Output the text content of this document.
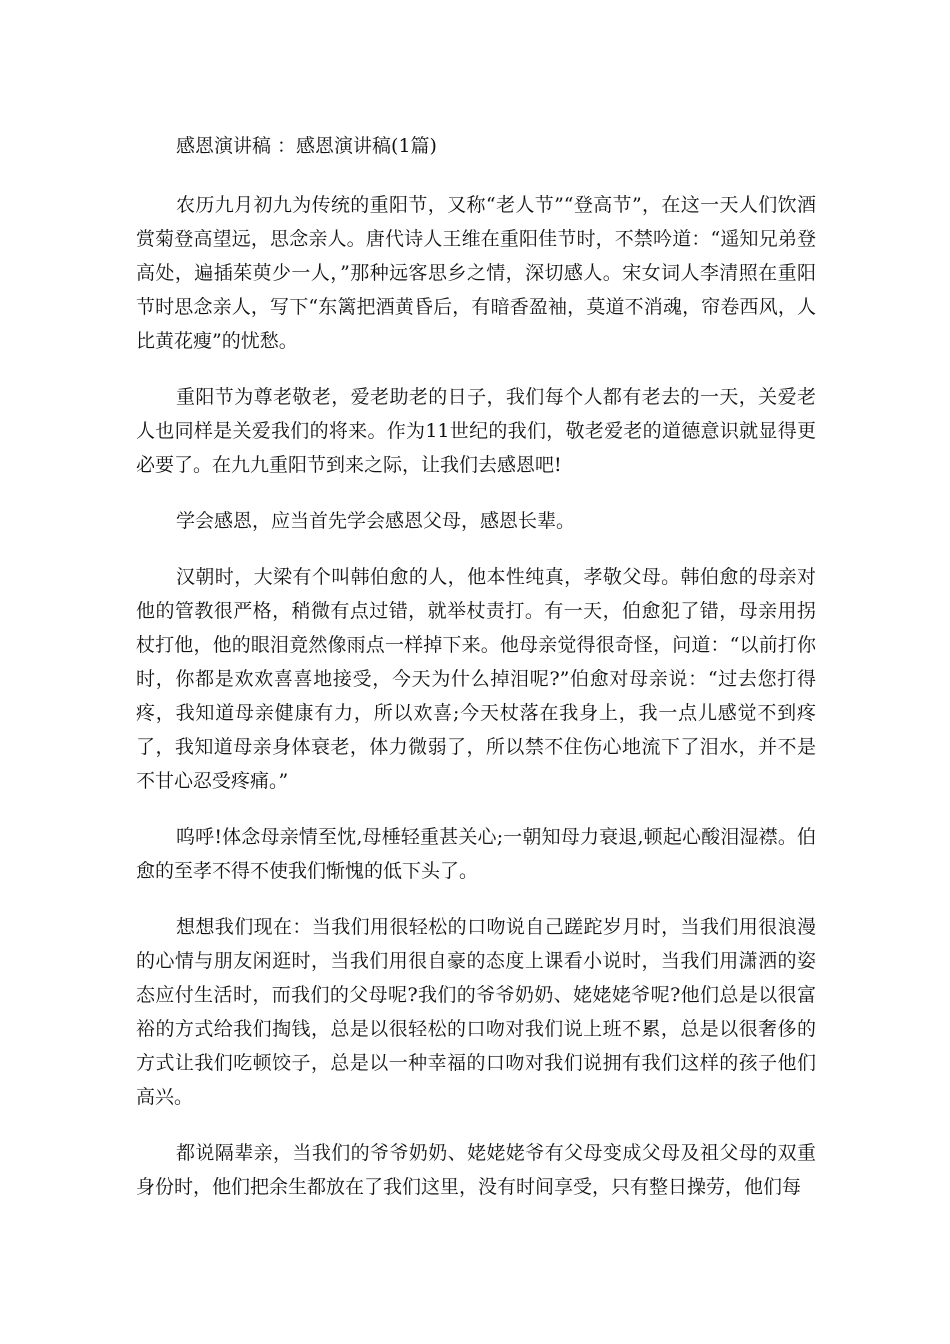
感恩演讲稿 ：感恩演讲稿(1篇)

农历九月初九为传统的重阳节，又称“老人节”“登高节”，在这一天人们饮酒赏菊登高望远，思念亲人。唐代诗人王维在重阳佳节时，不禁吟道：“遥知兄弟登高处，遍插茱萸少一人，”那种远客思乡之情，深切感人。宋女词人李清照在重阳节时思念亲人，写下“东篱把酒黄昏后，有暗香盈袖，莫道不消魂，帘卷西风，人比黄花瘦”的忧愁。

重阳节为尊老敬老，爱老助老的日子，我们每个人都有老去的一天，关爱老人也同样是关爱我们的将来。作为11世纪的我们，敬老爱老的道德意识就显得更必要了。在九九重阳节到来之际，让我们去感恩吧!

学会感恩，应当首先学会感恩父母，感恩长辈。

汉朝时，大梁有个叫韩伯愈的人，他本性纯真，孝敬父母。韩伯愈的母亲对他的管教很严格，稍微有点过错，就举杖责打。有一天，伯愈犯了错，母亲用拐杖打他，他的眼泪竟然像雨点一样掉下来。他母亲觉得很奇怪，问道：“以前打你时，你都是欢欢喜喜地接受，今天为什么掉泪呢?”伯愈对母亲说：“过去您打得疼，我知道母亲健康有力，所以欢喜;今天杖落在我身上，我一点儿感觉不到疼了，我知道母亲身体衰老，体力微弱了，所以禁不住伤心地流下了泪水，并不是不甘心忍受疼痛。”

呜呼!体念母亲情至忱,母棰轻重甚关心;一朝知母力衰退,顿起心酸泪湿襟。伯愈的至孝不得不使我们惭愧的低下头了。

想想我们现在：当我们用很轻松的口吻说自己蹉跎岁月时，当我们用很浪漫的心情与朋友闲逛时，当我们用很自豪的态度上课看小说时，当我们用潇洒的姿态应付生活时，而我们的父母呢?我们的爷爷奶奶、姥姥姥爷呢?他们总是以很富裕的方式给我们掏钱，总是以很轻松的口吻对我们说上班不累，总是以很奢侈的方式让我们吃顿饺子，总是以一种幸福的口吻对我们说拥有我们这样的孩子他们高兴。

都说隔辈亲，当我们的爷爷奶奶、姥姥姥爷有父母变成父母及祖父母的双重身份时，他们把余生都放在了我们这里，没有时间享受，只有整日操劳，他们每
